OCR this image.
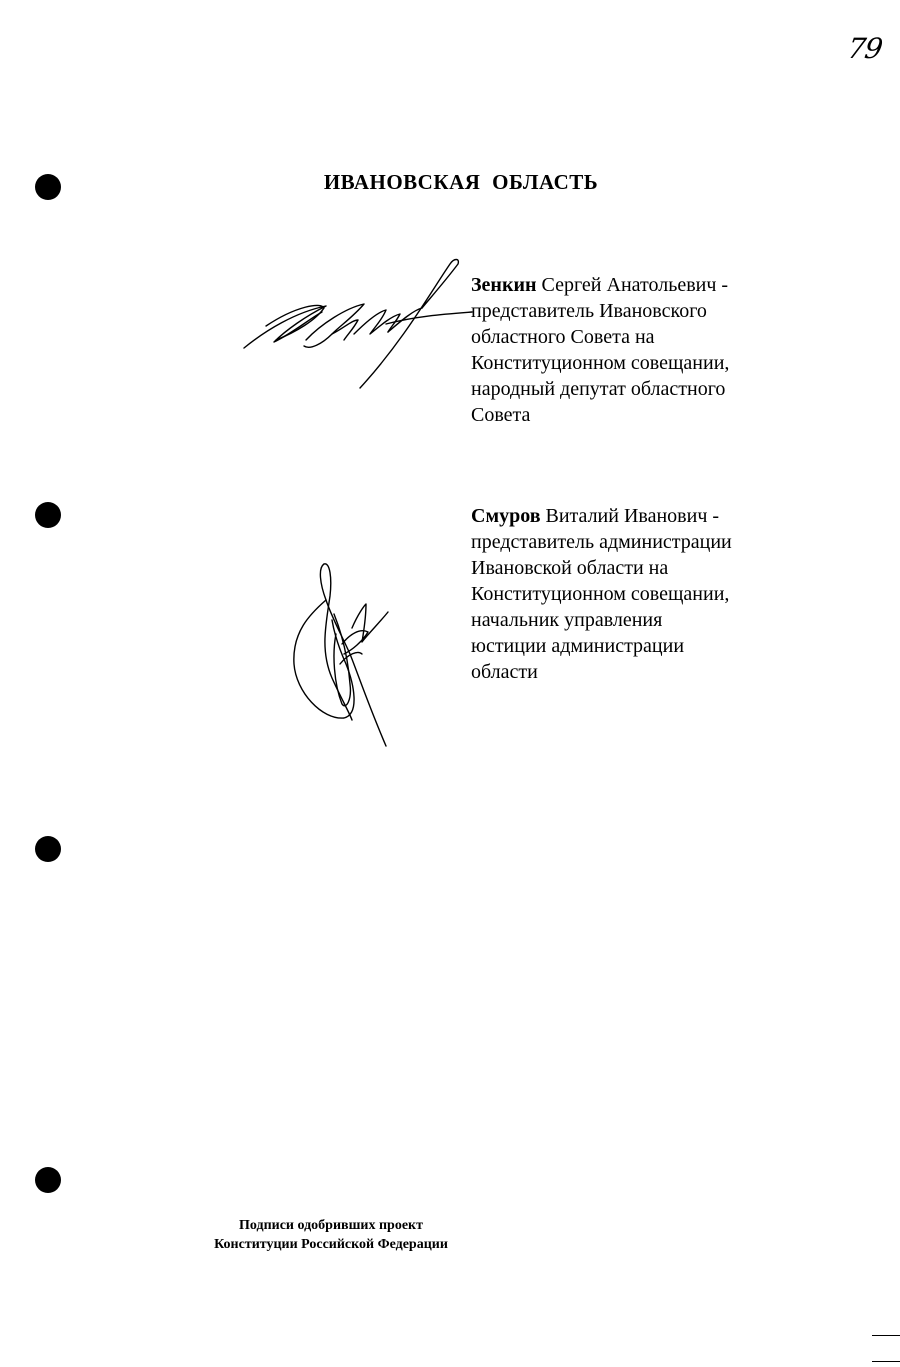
79
ИВАНОВСКАЯ ОБЛАСТЬ
Зенкин Сергей Анатольевич -
представитель Ивановского
областного Совета на
Конституционном совещании,
народный депутат областного
Совета
Смуров Виталий Иванович -
представитель администрации
Ивановской области на
Конституционном совещании,
начальник управления
юстиции администрации
области
Подписи одобривших проект
Конституции Российской Федерации
